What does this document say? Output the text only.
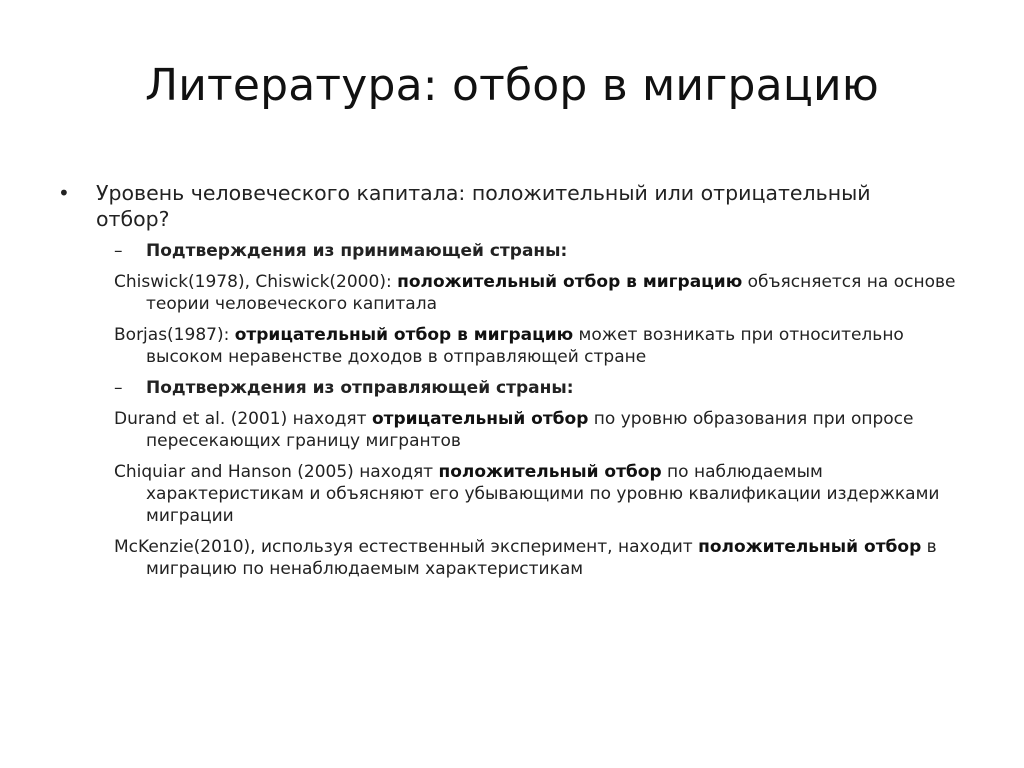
Литература: отбор в миграцию
• Уровень человеческого капитала: положительный или отрицательный
отбор?
– Подтверждения из принимающей страны:
Chiswick(1978), Chiswick(2000): положительный отбор в миграцию объясняется на основе теории человеческого капитала
Borjas(1987): отрицательный отбор в миграцию может возникать при относительно высоком неравенстве доходов в отправляющей стране
– Подтверждения из отправляющей страны:
Durand et al. (2001) находят отрицательный отбор по уровню образования при опросе пересекающих границу мигрантов
Chiquiar and Hanson (2005) находят положительный отбор по наблюдаемым характеристикам и объясняют его убывающими по уровню квалификации издержками миграции
McKenzie(2010), используя естественный эксперимент, находит положительный отбор в миграцию по ненаблюдаемым характеристикам
